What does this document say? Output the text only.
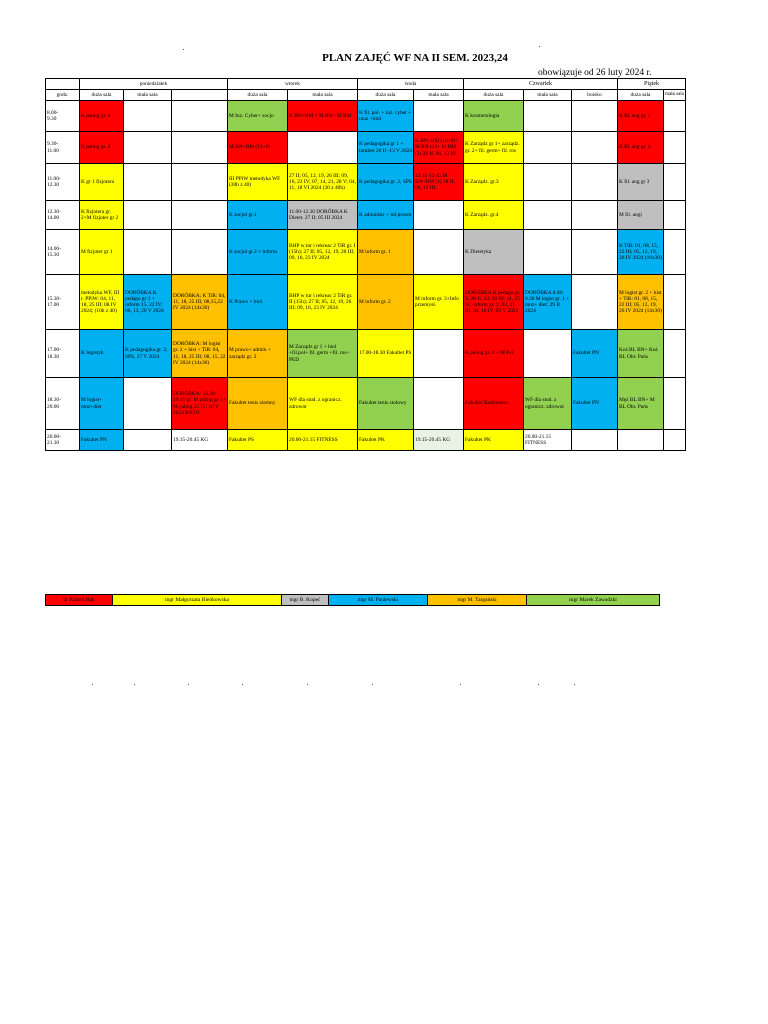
PLAN ZAJĘĆ WF NA II SEM. 2023,24
obowiązuje od 26 luty 2024 r.
	poniedziałek			wtorek		środa		Czwartek			Piątek	
godz.	duża sala	mała sala		duża sala	mała sala	duża sala	mała sala	duża sala	mała sala	boisko	duża sala	mała sala
8.00-
9.30	K psling gr. 1			M Inz. Cyber+ socjo	K BN+BM + M BN+ M BM	K fil. pol. + inż. cyber + inuz +biol		K kosmetologia			K fil. ang gr. 1	
9.30-
11.00	K psling gr. 2			M BN+BM (13+9)		K pedagogika gr 1 + intuitre 28 II -13 V 2024	K BN+BM (10+9)+ M BN (13+ M BM (2) 28 II, 06, 13 III	K Zarządz gr 1+ zarządz. gr. 2+ fil. germ+ fil. ros			K fil. ang gr. 2	
11.00-
12.30	K gr 1 fizjotera			III PPiW metodyka WF (30h z 40)	27 II; 05, 12, 19, 26 III; 09, 16, 23 IV; 07, 14, 21, 28 V; 04, 11, 18 VI 2024 (30 z 40h)	K pedagogika gr. 2, SPS	12.15-13.45 M BN+BM (4) 28 II; 06, 13 III;	K Zarządz. gr.3			K fil. ang gr 3	
12.30-
14.00	K fizjotera gr. 2+M fizjoter gr 2			K socjol gr.1	11.00-12.30 DORÓBKA K Dietet. 27 II; 05 III 2024	K administr + inf.przem		K Zarządz. gr.4			M fil. angi	
14.00-
15.30	M fizjoter gr 1			K socjol gr.2 + inform	BHP w tur i rekreac 2 TiR gr. I (15h); 27 II; 05, 12, 19, 26 III; 09, 16, 23 IV 2024	M inform gr. 1		K Dietetyka			K TiR: 01, 08, 15, 22 III; 05, 12, 19, 26 IV 2024 (16x30)	
15.30-
17.00	metodyka WF, III r. PPiW: 04, 11, 18, 25 III; 08 IV 2024; (10h z 40)	DORÓBKA K pedago gr 1 + inform 15, 22 IV; 06, 13, 20 V 2024	DORÓBKA; K TiR: 04, 11, 18, 25 III; 08,15,22 IV 2024 (14x30)	K Prawo + biol	BHP w tur i rekreac 2 TiR gr. II (15h); 27 II; 05, 12, 19, 26 III; 09, 16, 23 IV 2024	M inform gr. 2	M inform gr. 3+Info przemysł.	DORÓBKA K pedago gr. 3; 28 II, 24, 28 III; 11, 25 IV; inform gr. 2: 03, 21 III, 04, 18 IV, 09 V 2024	DORÓBKA 8.00-9.30 M logist gr. 1 + mnz+ diet: 29 II 2024		M logist gr. 2 + hist + TiR: 01, 08, 15, 22 III; 05, 12, 19, 26 IV 2024 (14x30)	
17.00-
18.30	K logistyk	K pedagogika gr. 2, SPS, 27 V 2024	DORÓBKA: M logist gr. 2 + hist + TiR: 04, 11, 18, 25 III; 08, 15, 22 IV 2024 (14x30)	M prawo+ admin + zarządz gr. 2	M Zarządz gr 1 + biol +fil.pol+ fil. germ +fil. ros+ PED	17.00-18.30 Fakultet PS		K psling gr. 1 + M Psl.		Fakultet PN	Koś BL BN+ Koś BL Obr. Pańs	
18.30-
20.00	M logist+ mnz+diet		DORÓBKA: 18.30-19.15 gr. M psling gr 1+ M psling 25 IV; 16 V 2024 BN/03	Fakultet tenis ziemny	WF dla stud. z ogranicz. zdrowot	Fakultet tenis stołowy		Fakultet Badminton	WF dla stud. z ogranicz. zdrowot	Fakultet PN	Męż BL BN+ M BL Obr. Pańs	
20.00-
21.30	Fakultet PN		19.15-20.45 KG	Fakultet PS	20.00-21.15 FITNESS	Fakultet PK	19.15-20.45 KG	Fakultet PK	20.00-21.15 FITNESS			
dr Robert Bąk	mgr Małgorzata Bieńkowska	mgr B. Kopeć	mgr M. Paulewski	mgr M. Targański	mgr Marek Zawadzki
